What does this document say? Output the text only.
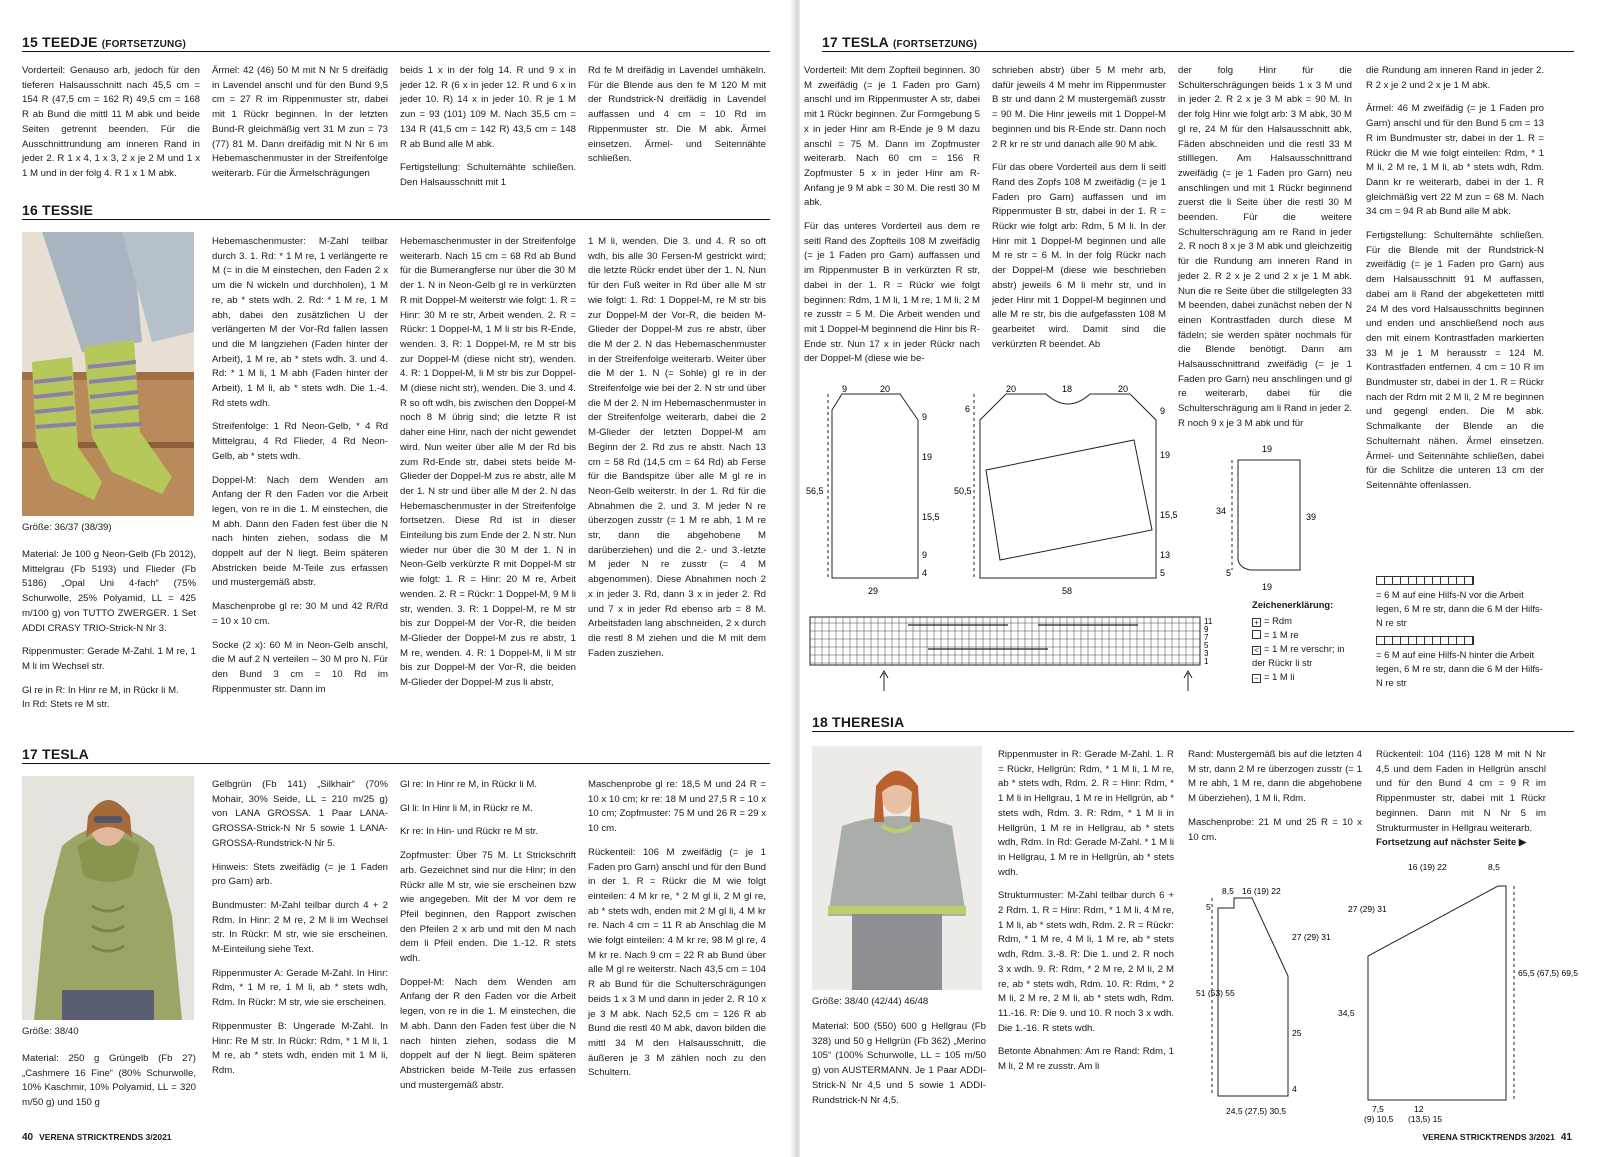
15 TEEDJE (FORTSETZUNG)

Vorderteil: Genauso arb, jedoch für den tieferen Halsausschnitt nach 45,5 cm = 154 R (47,5 cm = 162 R) 49,5 cm = 168 R ab Bund die mittl 11 M abk und beide Seiten getrennt beenden. Für die Ausschnittrundung am inneren Rand in jeder 2. R 1 x 4, 1 x 3, 2 x je 2 M und 1 x 1 M und in der folg 4. R 1 x 1 M abk.

Ärmel: 42 (46) 50 M mit N Nr 5 dreifädig in Lavendel anschl und für den Bund 9,5 cm = 27 R im Rippenmuster str, dabei mit 1 Rückr beginnen. In der letzten Bund-R gleichmäßig vert 31 M zun = 73 (77) 81 M. Dann dreifädig mit N Nr 6 im Hebemaschenmuster in der Streifenfolge weiterarb. Für die Ärmelschrägungen

beids 1 x in der folg 14. R und 9 x in jeder 12. R (6 x in jeder 12. R und 6 x in jeder 10. R) 14 x in jeder 10. R je 1 M zun = 93 (101) 109 M. Nach 35,5 cm = 134 R (41,5 cm = 142 R) 43,5 cm = 148 R ab Bund alle M abk.

Fertigstellung: Schulternähte schließen. Den Halsausschnitt mit 1

Rd fe M dreifädig in Lavendel umhäkeln. Für die Blende aus den fe M 120 M mit der Rundstrick-N dreifädig in Lavendel auffassen und 4 cm = 10 Rd im Rippenmuster str. Die M abk. Ärmel einsetzen. Ärmel- und Seitennähte schließen.

16 TESSIE
Größe: 36/37 (38/39)

Material: Je 100 g Neon-Gelb (Fb 2012), Mittelgrau (Fb 5193) und Flieder (Fb 5186) „Opal Uni 4-fach“ (75% Schurwolle, 25% Polyamid, LL = 425 m/100 g) von TUTTO ZWERGER. 1 Set ADDI CRASY TRIO-Strick-N Nr 3.

Rippenmuster: Gerade M-Zahl. 1 M re, 1 M li im Wechsel str.

Gl re in R: In Hinr re M, in Rückr li M.

In Rd: Stets re M str.

Hebemaschenmuster: M-Zahl teilbar durch 3. 1. Rd: * 1 M re, 1 verlängerte re M (= in die M einstechen, den Faden 2 x um die N wickeln und durchholen), 1 M re, ab * stets wdh. 2. Rd: * 1 M re, 1 M abh, dabei den zusätzlichen U der verlängerten M der Vor-Rd fallen lassen und die M langziehen (Faden hinter der Arbeit), 1 M re, ab * stets wdh. 3. und 4. Rd: * 1 M li, 1 M abh (Faden hinter der Arbeit), 1 M li, ab * stets wdh. Die 1.-4. Rd stets wdh.

Streifenfolge: 1 Rd Neon-Gelb, * 4 Rd Mittelgrau, 4 Rd Flieder, 4 Rd Neon-Gelb, ab * stets wdh.

Doppel-M: Nach dem Wenden am Anfang der R den Faden vor die Arbeit legen, von re in die 1. M einstechen, die M abh. Dann den Faden fest über die N nach hinten ziehen, sodass die M doppelt auf der N liegt. Beim späteren Abstricken beide M-Teile zus erfassen und mustergemäß abstr.

Maschenprobe gl re: 30 M und 42 R/Rd = 10 x 10 cm.

Socke (2 x): 60 M in Neon-Gelb anschl, die M auf 2 N verteilen – 30 M pro N. Für den Bund 3 cm = 10 Rd im Rippenmuster str. Dann im

Hebemaschenmuster in der Streifenfolge weiterarb. Nach 15 cm = 68 Rd ab Bund für die Bumerangferse nur über die 30 M der 1. N in Neon-Gelb gl re in verkürzten R mit Doppel-M weiterstr wie folgt: 1. R = Hinr: 30 M re str, Arbeit wenden. 2. R = Rückr: 1 Doppel-M, 1 M li str bis R-Ende, wenden. 3. R: 1 Doppel-M, re M str bis zur Doppel-M (diese nicht str), wenden. 4. R: 1 Doppel-M, li M str bis zur Doppel-M (diese nicht str), wenden. Die 3. und 4. R so oft wdh, bis zwischen den Doppel-M noch 8 M übrig sind; die letzte R ist daher eine Hinr, nach der nicht gewendet wird. Nun weiter über alle M der Rd bis zum Rd-Ende str, dabei stets beide M-Glieder der Doppel-M zus re abstr, alle M der 1. N str und über alle M der 2. N das Hebemaschenmuster in der Streifenfolge fortsetzen. Diese Rd ist in dieser Einteilung bis zum Ende der 2. N str. Nun wieder nur über die 30 M der 1. N in Neon-Gelb verkürzte R mit Doppel-M str wie folgt: 1. R = Hinr: 20 M re, Arbeit wenden. 2. R = Rückr: 1 Doppel-M, 9 M li str, wenden. 3. R: 1 Doppel-M, re M str bis zur Doppel-M der Vor-R, die beiden M-Glieder der Doppel-M zus re abstr, 1 M re, wenden. 4. R: 1 Doppel-M, li M str bis zur Doppel-M der Vor-R, die beiden M-Glieder der Doppel-M zus li abstr,

1 M li, wenden. Die 3. und 4. R so oft wdh, bis alle 30 Fersen-M gestrickt wird; die letzte Rückr endet über der 1. N. Nun für den Fuß weiter in Rd über alle M str wie folgt: 1. Rd: 1 Doppel-M, re M str bis zur Doppel-M der Vor-R, die beiden M-Glieder der Doppel-M zus re abstr, über die M der 2. N das Hebemaschenmuster in der Streifenfolge weiterarb. Weiter über die M der 1. N (= Sohle) gl re in der Streifenfolge wie bei der 2. N str und über die M der 2. N im Hebemaschenmuster in der Streifenfolge weiterarb, dabei die 2 M-Glieder der letzten Doppel-M am Beginn der 2. Rd zus re abstr. Nach 13 cm = 58 Rd (14,5 cm = 64 Rd) ab Ferse für die Bandspitze über alle M gl re in Neon-Gelb weiterstr. In der 1. Rd für die Abnahmen die 2. und 3. M jeder N re überzogen zusstr (= 1 M re abh, 1 M re str, dann die abgehobene M darüberziehen) und die 2.- und 3.-letzte M jeder N re zusstr (= 4 M abgenommen). Diese Abnahmen noch 2 x in jeder 3. Rd, dann 3 x in jeder 2. Rd und 7 x in jeder Rd ebenso arb = 8 M. Arbeitsfaden lang abschneiden, 2 x durch die restl 8 M ziehen und die M mit dem Faden zusziehen.

17 TESLA
Größe: 38/40

Material: 250 g Grüngelb (Fb 27) „Cashmere 16 Fine“ (80% Schurwolle, 10% Kaschmir, 10% Polyamid, LL = 320 m/50 g) und 150 g

Gelbgrün (Fb 141) „Silkhair“ (70% Mohair, 30% Seide, LL = 210 m/25 g) von LANA GROSSA. 1 Paar LANA-GROSSA-Strick-N Nr 5 sowie 1 LANA-GROSSA-Rundstrick-N Nr 5.

Hinweis: Stets zweifädig (= je 1 Faden pro Garn) arb.

Bundmuster: M-Zahl teilbar durch 4 + 2 Rdm. In Hinr: 2 M re, 2 M li im Wechsel str. In Rückr: M str, wie sie erscheinen. M-Einteilung siehe Text.

Rippenmuster A: Gerade M-Zahl. In Hinr: Rdm, * 1 M re, 1 M li, ab * stets wdh, Rdm. In Rückr: M str, wie sie erscheinen.

Rippenmuster B: Ungerade M-Zahl. In Hinr: Re M str. In Rückr: Rdm, * 1 M li, 1 M re, ab * stets wdh, enden mit 1 M li, Rdm.

Gl re: In Hinr re M, in Rückr li M.

Gl li: In Hinr li M, in Rückr re M.

Kr re: In Hin- und Rückr re M str.

Zopfmuster: Über 75 M. Lt Strickschrift arb. Gezeichnet sind nur die Hinr; in den Rückr alle M str, wie sie erscheinen bzw wie angegeben. Mit der M vor dem re Pfeil beginnen, den Rapport zwischen den Pfeilen 2 x arb und mit den M nach dem li Pfeil enden. Die 1.-12. R stets wdh.

Doppel-M: Nach dem Wenden am Anfang der R den Faden vor die Arbeit legen, von re in die 1. M einstechen, die M abh. Dann den Faden fest über die N nach hinten ziehen, sodass die M doppelt auf der N liegt. Beim späteren Abstricken beide M-Teile zus erfassen und mustergemäß abstr.

Maschenprobe gl re: 18,5 M und 24 R = 10 x 10 cm; kr re: 18 M und 27,5 R = 10 x 10 cm; Zopfmuster: 75 M und 26 R = 29 x 10 cm.

Rückenteil: 106 M zweifädig (= je 1 Faden pro Garn) anschl und für den Bund in der 1. R = Rückr die M wie folgt einteilen: 4 M kr re, * 2 M gl li, 2 M gl re, ab * stets wdh, enden mit 2 M gl li, 4 M kr re. Nach 4 cm = 11 R ab Anschlag die M wie folgt einteilen: 4 M kr re, 98 M gl re, 4 M kr re. Nach 9 cm = 22 R ab Bund über alle M gl re weiterstr. Nach 43,5 cm = 104 R ab Bund für die Schulterschrägungen beids 1 x 3 M und dann in jeder 2. R 10 x je 3 M abk. Nach 52,5 cm = 126 R ab Bund die restl 40 M abk, davon bilden die mittl 34 M den Halsausschnitt, die äußeren je 3 M zählen noch zu den Schultern.

40 VERENA STRICKTRENDS 3/2021
17 TESLA (FORTSETZUNG)

Vorderteil: Mit dem Zopfteil beginnen. 30 M zweifädig (= je 1 Faden pro Garn) anschl und im Rippenmuster A str, dabei mit 1 Rückr beginnen. Zur Formgebung 5 x in jeder Hinr am R-Ende je 9 M dazu anschl = 75 M. Dann im Zopfmuster weiterarb. Nach 60 cm = 156 R Zopfmuster 5 x in jeder Hinr am R-Anfang je 9 M abk = 30 M. Die restl 30 M abk.

Für das unteres Vorderteil aus dem re seitl Rand des Zopfteils 108 M zweifädig (= je 1 Faden pro Garn) auffassen und im Rippenmuster B in verkürzten R str, dabei in der 1. R = Rückr wie folgt beginnen: Rdm, 1 M li, 1 M re, 1 M li, 2 M re zusstr = 5 M. Die Arbeit wenden und mit 1 Doppel-M beginnend die Hinr bis R-Ende str. Nun 17 x in jeder Rückr nach der Doppel-M (diese wie be-

schrieben abstr) über 5 M mehr arb, dafür jeweils 4 M mehr im Rippenmuster B str und dann 2 M mustergemäß zusstr = 90 M. Die Hinr jeweils mit 1 Doppel-M beginnen und bis R-Ende str. Dann noch 2 R kr re str und danach alle 90 M abk.

Für das obere Vorderteil aus dem li seitl Rand des Zopfs 108 M zweifädig (= je 1 Faden pro Garn) auffassen und im Rippenmuster B str, dabei in der 1. R = Rückr wie folgt arb: Rdm, 5 M li. In der Hinr mit 1 Doppel-M beginnen und alle M re str = 6 M. In der folg Rückr nach der Doppel-M (diese wie beschrieben abstr) jeweils 6 M li mehr str, und in jeder Hinr mit 1 Doppel-M beginnen und alle M re str, bis die aufgefassten 108 M gearbeitet wird. Damit sind die verkürzten R beendet. Ab

der folg Hinr für die Schulterschrägungen beids 1 x 3 M und in jeder 2. R 2 x je 3 M abk = 90 M. In der folg Hinr wie folgt arb: 3 M abk, 30 M gl re, 24 M für den Halsausschnitt abk, Fäden abschneiden und die restl 33 M stilllegen. Am Halsausschnittrand zweifädig (= je 1 Faden pro Garn) neu anschlingen und mit 1 Rückr beginnend zuerst die li Seite über die restl 30 M beenden. Für die weitere Schulterschrägung am re Rand in jeder 2. R noch 8 x je 3 M abk und gleichzeitig für die Rundung am inneren Rand in jeder 2. R 2 x je 2 und 2 x je 1 M abk. Nun die re Seite über die stillgelegten 33 M beenden, dabei zunächst neben der N einen Kontrastfaden durch diese M fädeln; sie werden später nochmals für die Blende benötigt. Dann am Halsausschnittrand zweifädig (= je 1 Faden pro Garn) neu anschlingen und gl re weiterarb, dabei für die Schulterschrägung am li Rand in jeder 2. R noch 9 x je 3 M abk und für

die Rundung am inneren Rand in jeder 2. R 2 x je 2 und 2 x je 1 M abk.

Ärmel: 46 M zweifädig (= je 1 Faden pro Garn) anschl und für den Bund 5 cm = 13 R im Bundmuster str, dabei in der 1. R = Rückr die M wie folgt einteilen: Rdm, * 1 M li, 2 M re, 1 M li, ab * stets wdh, Rdm. Dann kr re weiterarb, dabei in der 1. R gleichmäßig vert 22 M zun = 68 M. Nach 34 cm = 94 R ab Bund alle M abk.

Fertigstellung: Schulternähte schließen. Für die Blende mit der Rundstrick-N zweifädig (= je 1 Faden pro Garn) aus dem Halsausschnitt 91 M auffassen, dabei am li Rand der abgeketteten mittl 24 M des vord Halsausschnitts beginnen und enden und anschließend noch aus den mit einem Kontrastfaden markierten 33 M je 1 M herausstr = 124 M. Kontrastfaden entfernen. 4 cm = 10 R im Bundmuster str, dabei in der 1. R = Rückr nach der Rdm mit 2 M li, 2 M re beginnen und gegengl enden. Die M abk. Schmalkante der Blende an die Schulternaht nähen. Ärmel einsetzen. Ärmel- und Seitennähte schließen, dabei für die Schlitze die unteren 13 cm der Seitennähte offenlassen.

9	20
9
19
15,5
9
4
56,5
29
20	18	20
6	9
19
15,5
13
5
50,5
58
19
34
39
5
19
11
9
7
5
3
1
Zeichenerklärung:
+ = Rdm
= 1 M re
< = 1 M re verschr; in der Rückr li str
− = 1 M li
= 6 M auf eine Hilfs-N vor die Arbeit legen, 6 M re str, dann die 6 M der Hilfs-N re str
= 6 M auf eine Hilfs-N hinter die Arbeit legen, 6 M re str, dann die 6 M der Hilfs-N re str
18 THERESIA
Größe: 38/40 (42/44) 46/48

Material: 500 (550) 600 g Hellgrau (Fb 328) und 50 g Hellgrün (Fb 362) „Merino 105“ (100% Schurwolle, LL = 105 m/50 g) von AUSTERMANN. Je 1 Paar ADDI-Strick-N Nr 4,5 und 5 sowie 1 ADDI-Rundstrick-N Nr 4,5.

Rippenmuster in R: Gerade M-Zahl. 1. R = Rückr, Hellgrün: Rdm, * 1 M li, 1 M re, ab * stets wdh, Rdm. 2. R = Hinr: Rdm, * 1 M li in Hellgrau, 1 M re in Hellgrün, ab * stets wdh, Rdm. 3. R: Rdm, * 1 M li in Hellgrün, 1 M re in Hellgrau, ab * stets wdh, Rdm. In Rd: Gerade M-Zahl. * 1 M li in Hellgrau, 1 M re in Hellgrün, ab * stets wdh.

Strukturmuster: M-Zahl teilbar durch 6 + 2 Rdm. 1. R = Hinr: Rdm, * 1 M li, 4 M re, 1 M li, ab * stets wdh, Rdm. 2. R = Rückr: Rdm, * 1 M re, 4 M li, 1 M re, ab * stets wdh, Rdm. 3.-8. R: Die 1. und 2. R noch 3 x wdh. 9. R: Rdm, * 2 M re, 2 M li, 2 M re, ab * stets wdh, Rdm. 10. R: Rdm, * 2 M li, 2 M re, 2 M li, ab * stets wdh, Rdm. 11.-16. R: Die 9. und 10. R noch 3 x wdh. Die 1.-16. R stets wdh.

Betonte Abnahmen: Am re Rand: Rdm, 1 M li, 2 M re zusstr. Am li

Rand: Mustergemäß bis auf die letzten 4 M str, dann 2 M re überzogen zusstr (= 1 M re abh, 1 M re, dann die abgehobene M überziehen), 1 M li, Rdm.

Maschenprobe: 21 M und 25 R = 10 x 10 cm.

Rückenteil: 104 (116) 128 M mit N Nr 4,5 und dem Faden in Hellgrün anschl und für den Bund 4 cm = 9 R im Rippenmuster str, dabei mit 1 Rückr beginnen. Dann mit N Nr 5 im Strukturmuster in Hellgrau weiterarb.

Fortsetzung auf nächster Seite ▶

8,5 16 (19) 22
5
27 (29) 31
51 (53) 55
25
4
24,5 (27,5) 30,5
16 (19) 22	8,5
27 (29) 31
65,5 (67,5) 69,5
34,5
7,5
(9) 10,5
12
(13,5) 15
VERENA STRICKTRENDS 3/2021 41
